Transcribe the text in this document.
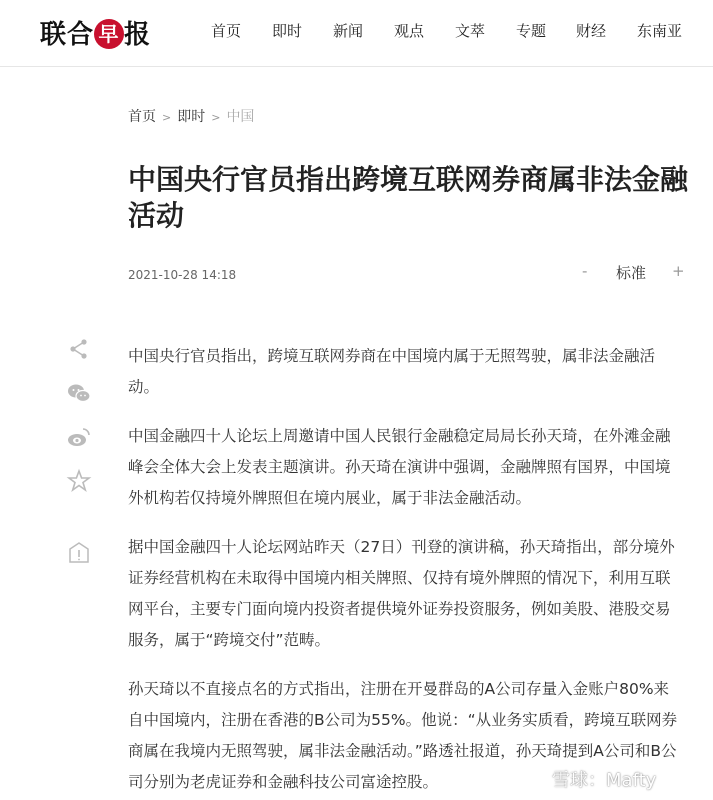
联合 早 报	首页 即时 新闻 观点 文萃 专题 财经 东南亚
首页 > 即时 > 中国
中国央行官员指出跨境互联网券商属非法金融活动
2021-10-28 14:18	- 标准 +

中国央行官员指出，跨境互联网券商在中国境内属于无照驾驶，属非法金融活动。

中国金融四十人论坛上周邀请中国人民银行金融稳定局局长孙天琦，在外滩金融峰会全体大会上发表主题演讲。孙天琦在演讲中强调，金融牌照有国界，中国境外机构若仅持境外牌照但在境内展业，属于非法金融活动。

据中国金融四十人论坛网站昨天（27日）刊登的演讲稿，孙天琦指出，部分境外证券经营机构在未取得中国境内相关牌照、仅持有境外牌照的情况下，利用互联网平台，主要专门面向境内投资者提供境外证券投资服务，例如美股、港股交易服务，属于“跨境交付”范畴。

孙天琦以不直接点名的方式指出，注册在开曼群岛的A公司存量入金账户80%来自中国境内，注册在香港的B公司为55%。他说：“从业务实质看，跨境互联网券商属在我境内无照驾驶，属非法金融活动。”路透社报道，孙天琦提到A公司和B公司分别为老虎证券和金融科技公司富途控股。	雪球：Mafty
